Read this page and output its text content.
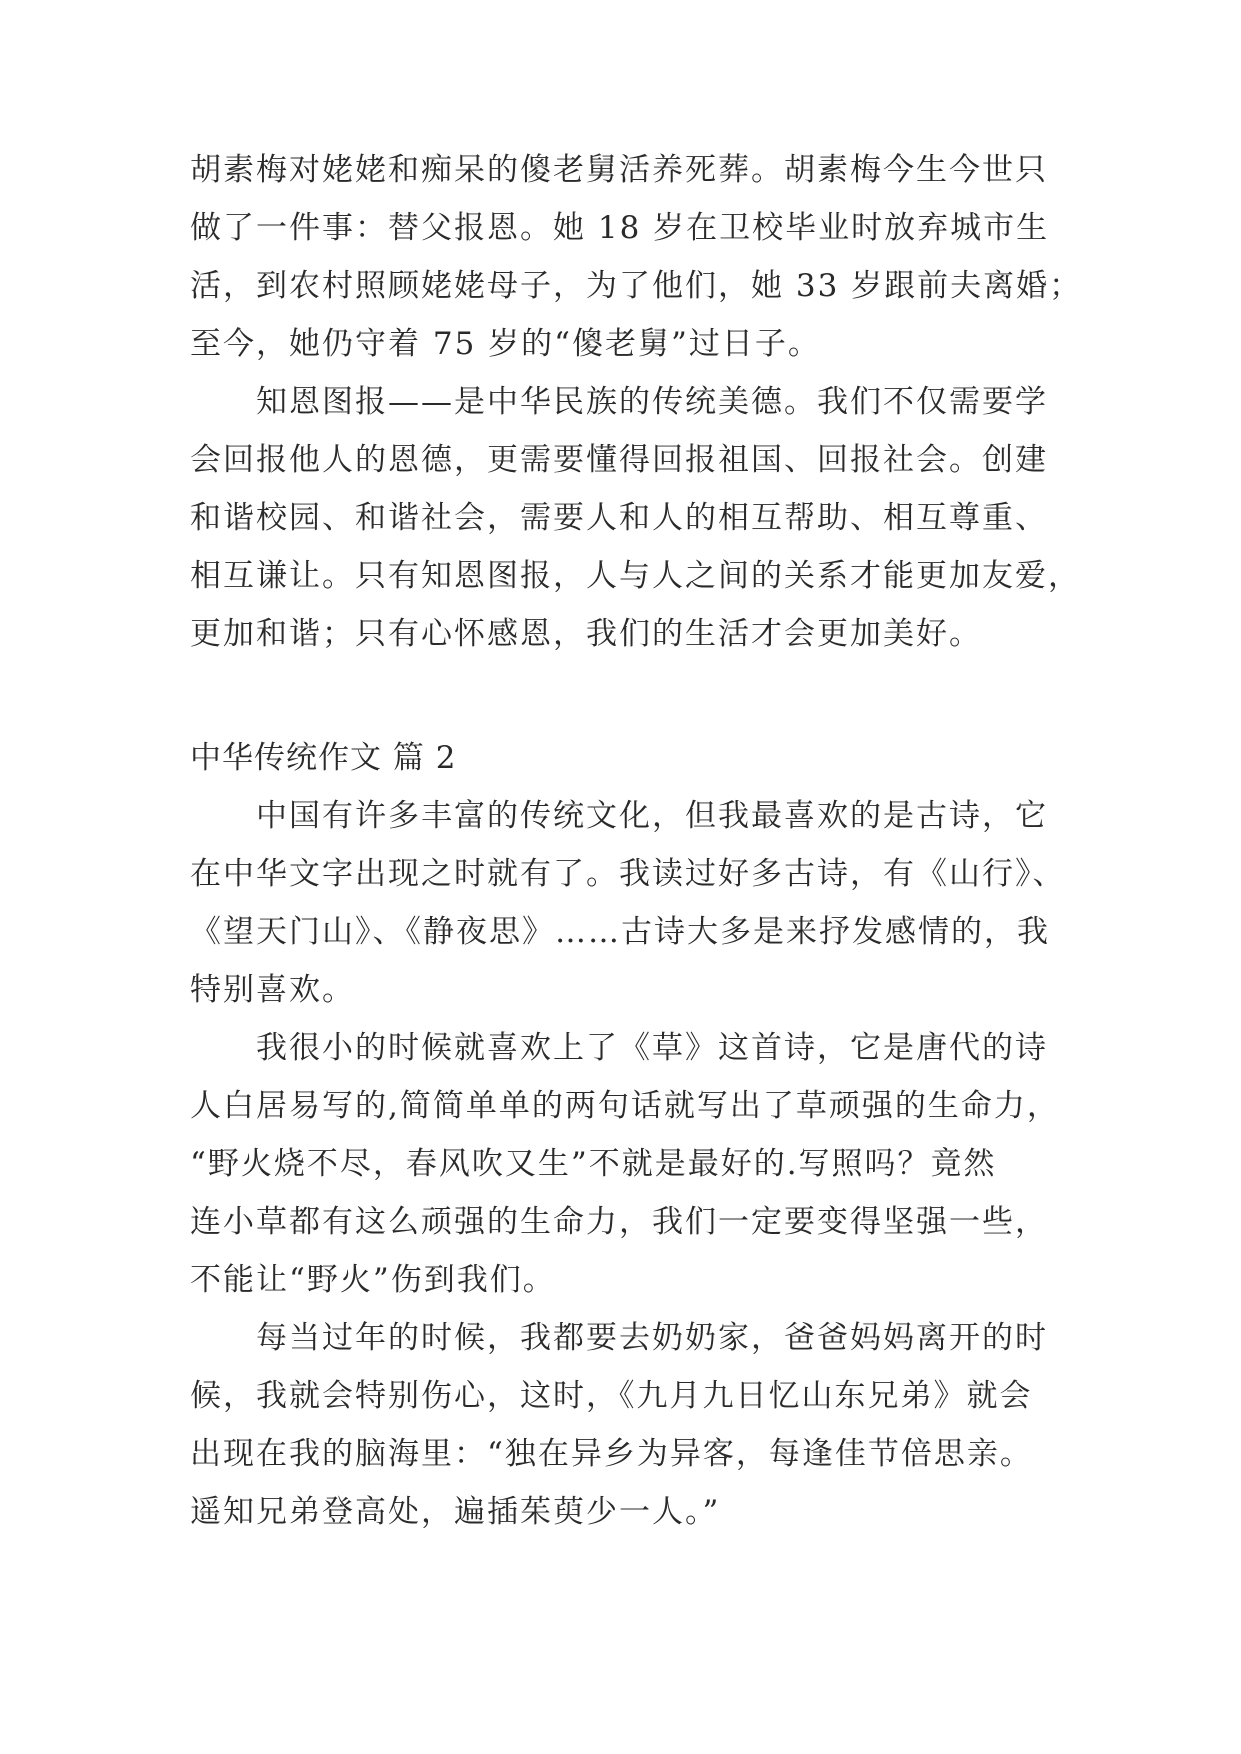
胡素梅对姥姥和痴呆的傻老舅活养死葬。胡素梅今生今世只
做了一件事：替父报恩。她 18 岁在卫校毕业时放弃城市生
活，到农村照顾姥姥母子，为了他们，她 33 岁跟前夫离婚；
至今，她仍守着 75 岁的“傻老舅”过日子。
知恩图报——是中华民族的传统美德。我们不仅需要学
会回报他人的恩德，更需要懂得回报祖国、回报社会。创建
和谐校园、和谐社会，需要人和人的相互帮助、相互尊重、
相互谦让。只有知恩图报，人与人之间的关系才能更加友爱，
更加和谐；只有心怀感恩，我们的生活才会更加美好。
中华传统作文 篇 2
中国有许多丰富的传统文化，但我最喜欢的是古诗，它
在中华文字出现之时就有了。我读过好多古诗，有《山行》、
《望天门山》、《静夜思》……古诗大多是来抒发感情的，我
特别喜欢。
我很小的时候就喜欢上了《草》这首诗，它是唐代的诗
人白居易写的,简简单单的两句话就写出了草顽强的生命力，
“野火烧不尽，春风吹又生”不就是最好的.写照吗？竟然
连小草都有这么顽强的生命力，我们一定要变得坚强一些，
不能让“野火”伤到我们。
每当过年的时候，我都要去奶奶家，爸爸妈妈离开的时
候，我就会特别伤心，这时，《九月九日忆山东兄弟》就会
出现在我的脑海里：“独在异乡为异客，每逢佳节倍思亲。
遥知兄弟登高处，遍插茱萸少一人。”
